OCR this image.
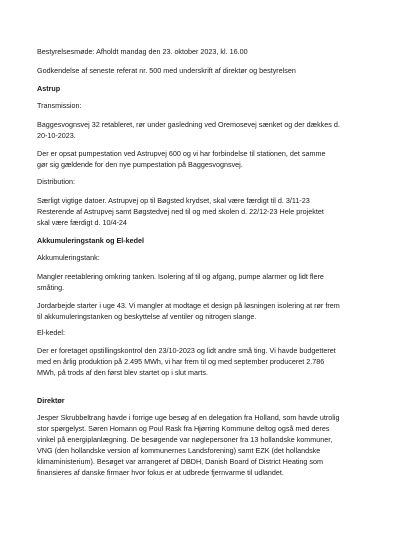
Bestyrelsesmøde: Afholdt mandag den 23. oktober 2023, kl. 16.00

Godkendelse af seneste referat nr. 500 med underskrift af direktør og bestyrelsen

Astrup

Transmission:

Baggesvognsvej 32 retableret, rør under gasledning ved Oremosevej sænket og der dækkes d.
20-10-2023.

Der er opsat pumpestation ved Astrupvej 600 og vi har forbindelse til stationen, det samme
gør sig gældende for den nye pumpestation på Baggesvognsvej.

Distribution:

Særligt vigtige datoer. Astrupvej op til Bøgsted krydset, skal være færdigt til d. 3/11-23
Resterende af Astrupvej samt Bøgstedvej ned til og med skolen d. 22/12-23 Hele projektet
skal være færdigt d. 10/4-24

Akkumuleringstank og El-kedel

Akkumuleringstank:

Mangler reetablering omkring tanken. Isolering af til og afgang, pumpe alarmer og lidt flere
småting.

Jordarbejde starter i uge 43. Vi mangler at modtage et design på løsningen isolering at rør frem
til akkumuleringstanken og beskyttelse af ventiler og nitrogen slange.

El-kedel:

Der er foretaget opstillingskontrol den 23/10-2023 og lidt andre små ting. Vi havde budgetteret
med en årlig produktion på 2.495 MWh, vi har frem til og med september produceret 2.786
MWh, på trods af den først blev startet op i slut marts.

Direktør

Jesper Skrubbeltrang havde i forrige uge besøg af en delegation fra Holland, som havde utrolig
stor spørgelyst. Søren Homann og Poul Rask fra Hjørring Kommune deltog også med deres
vinkel på energiplanlægning. De besøgende var nøglepersoner fra 13 hollandske kommuner,
VNG (den hollandske version af kommunernes Landsforening) samt EZK (det hollandske
klimaministerium). Besøget var arrangeret af DBDH, Danish Board of District Heating som
finansieres af danske firmaer hvor fokus er at udbrede fjernvarme til udlandet.
